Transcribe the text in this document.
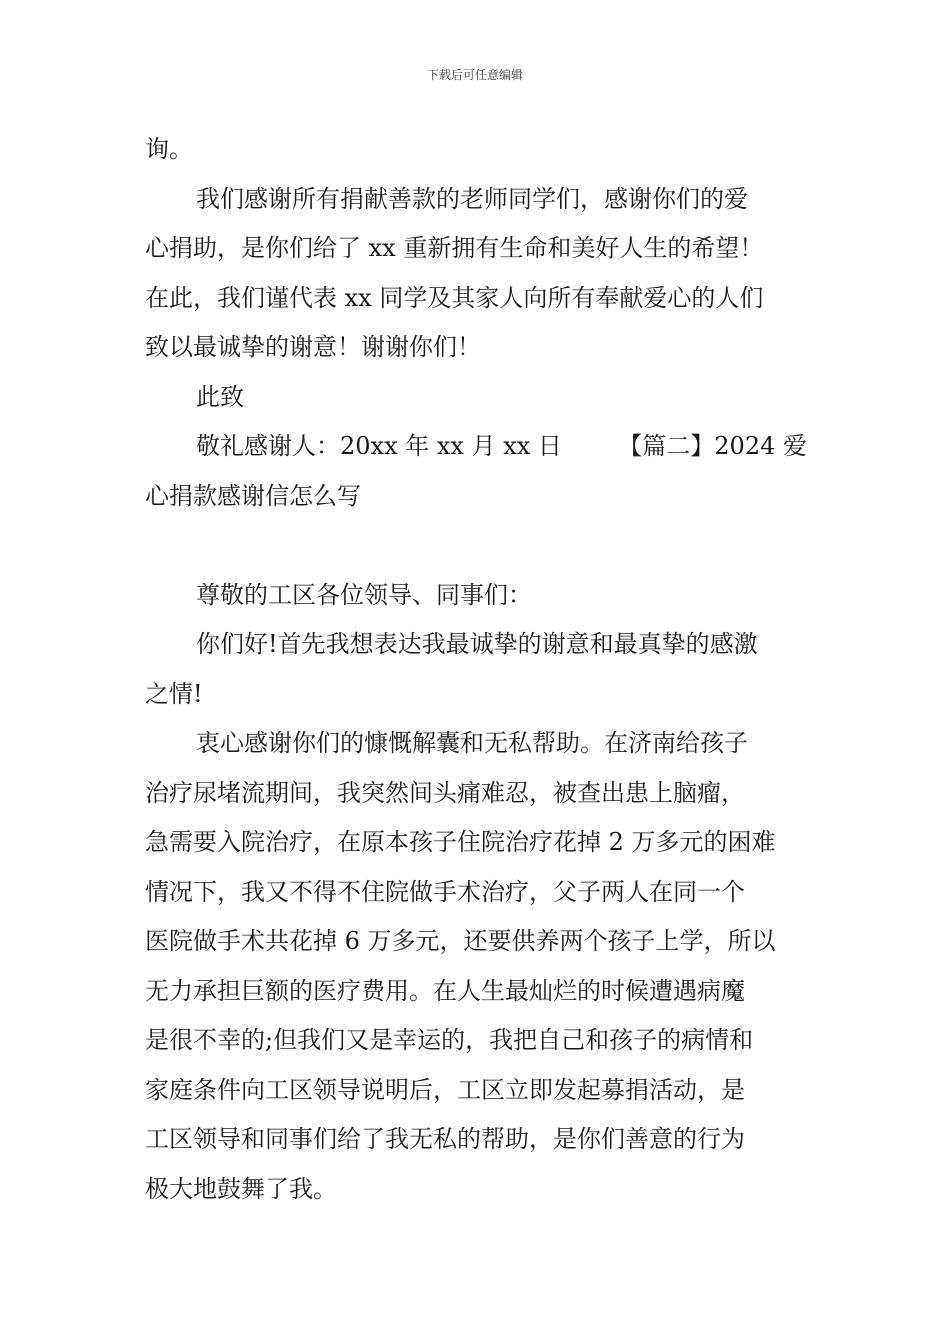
下载后可任意编辑
询。
我们感谢所有捐献善款的老师同学们，感谢你们的爱
心捐助，是你们给了 xx 重新拥有生命和美好人生的希望！
在此，我们谨代表 xx 同学及其家人向所有奉献爱心的人们
致以最诚挚的谢意！谢谢你们！
此致
敬礼感谢人：20xx 年 xx 月 xx 日 【篇二】2024 爱
心捐款感谢信怎么写
尊敬的工区各位领导、同事们：
你们好!首先我想表达我最诚挚的谢意和最真挚的感激
之情!
衷心感谢你们的慷慨解囊和无私帮助。在济南给孩子
治疗尿堵流期间，我突然间头痛难忍，被查出患上脑瘤，
急需要入院治疗，在原本孩子住院治疗花掉 2 万多元的困难
情况下，我又不得不住院做手术治疗，父子两人在同一个
医院做手术共花掉 6 万多元，还要供养两个孩子上学，所以
无力承担巨额的医疗费用。在人生最灿烂的时候遭遇病魔
是很不幸的;但我们又是幸运的，我把自己和孩子的病情和
家庭条件向工区领导说明后，工区立即发起募捐活动，是
工区领导和同事们给了我无私的帮助，是你们善意的行为
极大地鼓舞了我。
